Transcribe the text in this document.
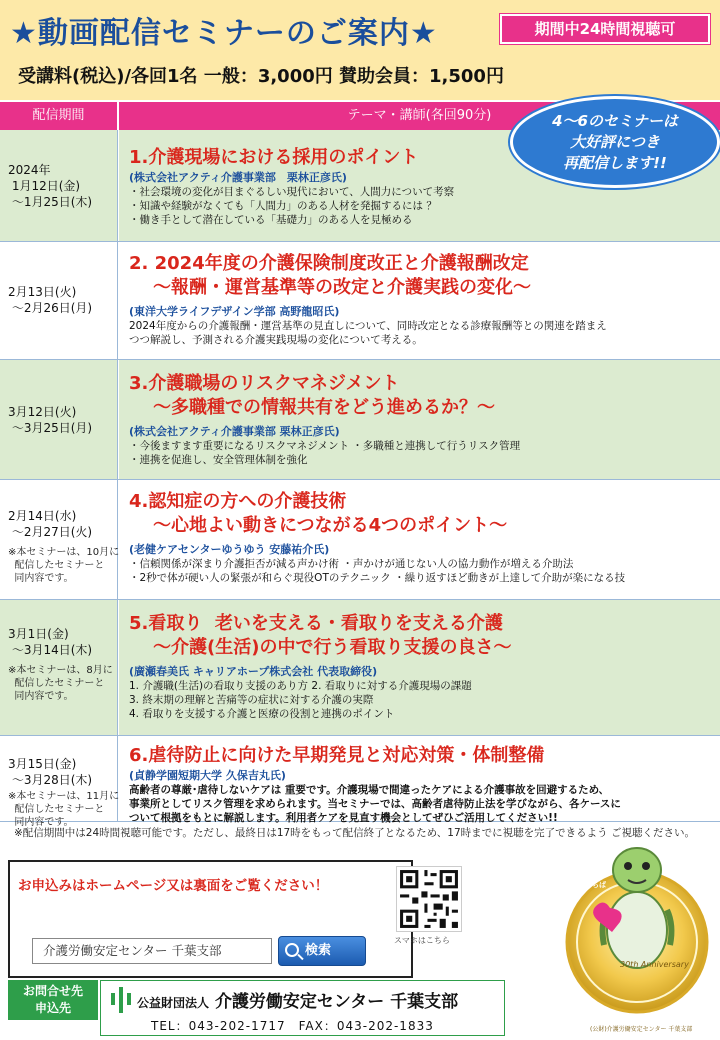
★動画配信セミナーのご案内★	期間中24時間視聴可
受講料(税込)/各回1名 一般：3,000円 賛助会員：1,500円
配信期間	テーマ・講師(各回90分)	4～6のセミナーは
大好評につき
再配信します!!
2024年
1月12日(金)
～1月25日(木)
1.介護現場における採用のポイント
(株式会社アクティ介護事業部　栗林正彦氏)
・社会環境の変化が目まぐるしい現代において、人間力について考察
・知識や経験がなくても「人間力」のある人材を発掘するには ？
・働き手として潜在している「基礎力」のある人を見極める
2月13日(火)
～2月26日(月)
2. 2024年度の介護保険制度改正と介護報酬改定
～報酬・運営基準等の改定と介護実践の変化～
(東洋大学ライフデザイン学部 高野龍昭氏)
2024年度からの介護報酬・運営基準の見直しについて、同時改定となる診療報酬等との関連を踏まえ
つつ解説し、予測される介護実践現場の変化について考える。
3月12日(火)
～3月25日(月)
3.介護職場のリスクマネジメント
～多職種での情報共有をどう進めるか？～
(株式会社アクティ介護事業部 栗林正彦氏)
・今後ますます重要になるリスクマネジメント ・多職種と連携して行うリスク管理
・連携を促進し、安全管理体制を強化
2月14日(水)
～2月27日(火)
※本セミナーは、10月に
配信したセミナーと
同内容です。
4.認知症の方への介護技術
～心地よい動きにつながる4つのポイント～
(老健ケアセンターゆうゆう 安藤祐介氏)
・信頼関係が深まり介護拒否が減る声かけ術 ・声かけが通じない人の協力動作が増える介助法
・2秒で体が硬い人の緊張が和らぐ現役OTのテクニック ・繰り返すほど動きが上達して介助が楽になる技
3月1日(金)
～3月14日(木)
※本セミナーは、8月に
配信したセミナーと
同内容です。
5.看取り  老いを支える・看取りを支える介護
～介護(生活)の中で行う看取り支援の良さ～
(廣瀬春美氏 キャリアホープ株式会社 代表取締役)
1. 介護職(生活)の看取り支援のあり方 2. 看取りに対する介護現場の課題
3. 終末期の理解と苦痛等の症状に対する介護の実際
4. 看取りを支援する介護と医療の役割と連携のポイント
3月15日(金)
～3月28日(木)
※本セミナーは、11月に
配信したセミナーと
同内容です。
6.虐待防止に向けた早期発見と対応対策・体制整備
(貞静学園短期大学 久保吉丸氏)
高齢者の尊厳･虐待しないケアは 重要です。介護現場で間違ったケアによる介護事故を回避するため、
事業所としてリスク管理を求められます。当セミナーでは、高齢者虐待防止法を学びながら、各ケースに
ついて根拠をもとに解説します。利用者ケアを見直す機会としてぜひご活用してください!!
※配信期間中は24時間視聴可能です。ただし、最終日は17時をもって配信終了となるため、17時までに視聴を完了できるよう ご視聴ください。
お申込みはホームページ又は裏面をご覧ください！
介護労働安定センター 千葉支部	検索
スマホはこちら
30th Anniversary
(公財)介護労働安定センター 千葉支部
ちば
お問合せ先
申込先	公益財団法人 介護労働安定センター 千葉支部
TEL：043-202-1717　FAX：043-202-1833
